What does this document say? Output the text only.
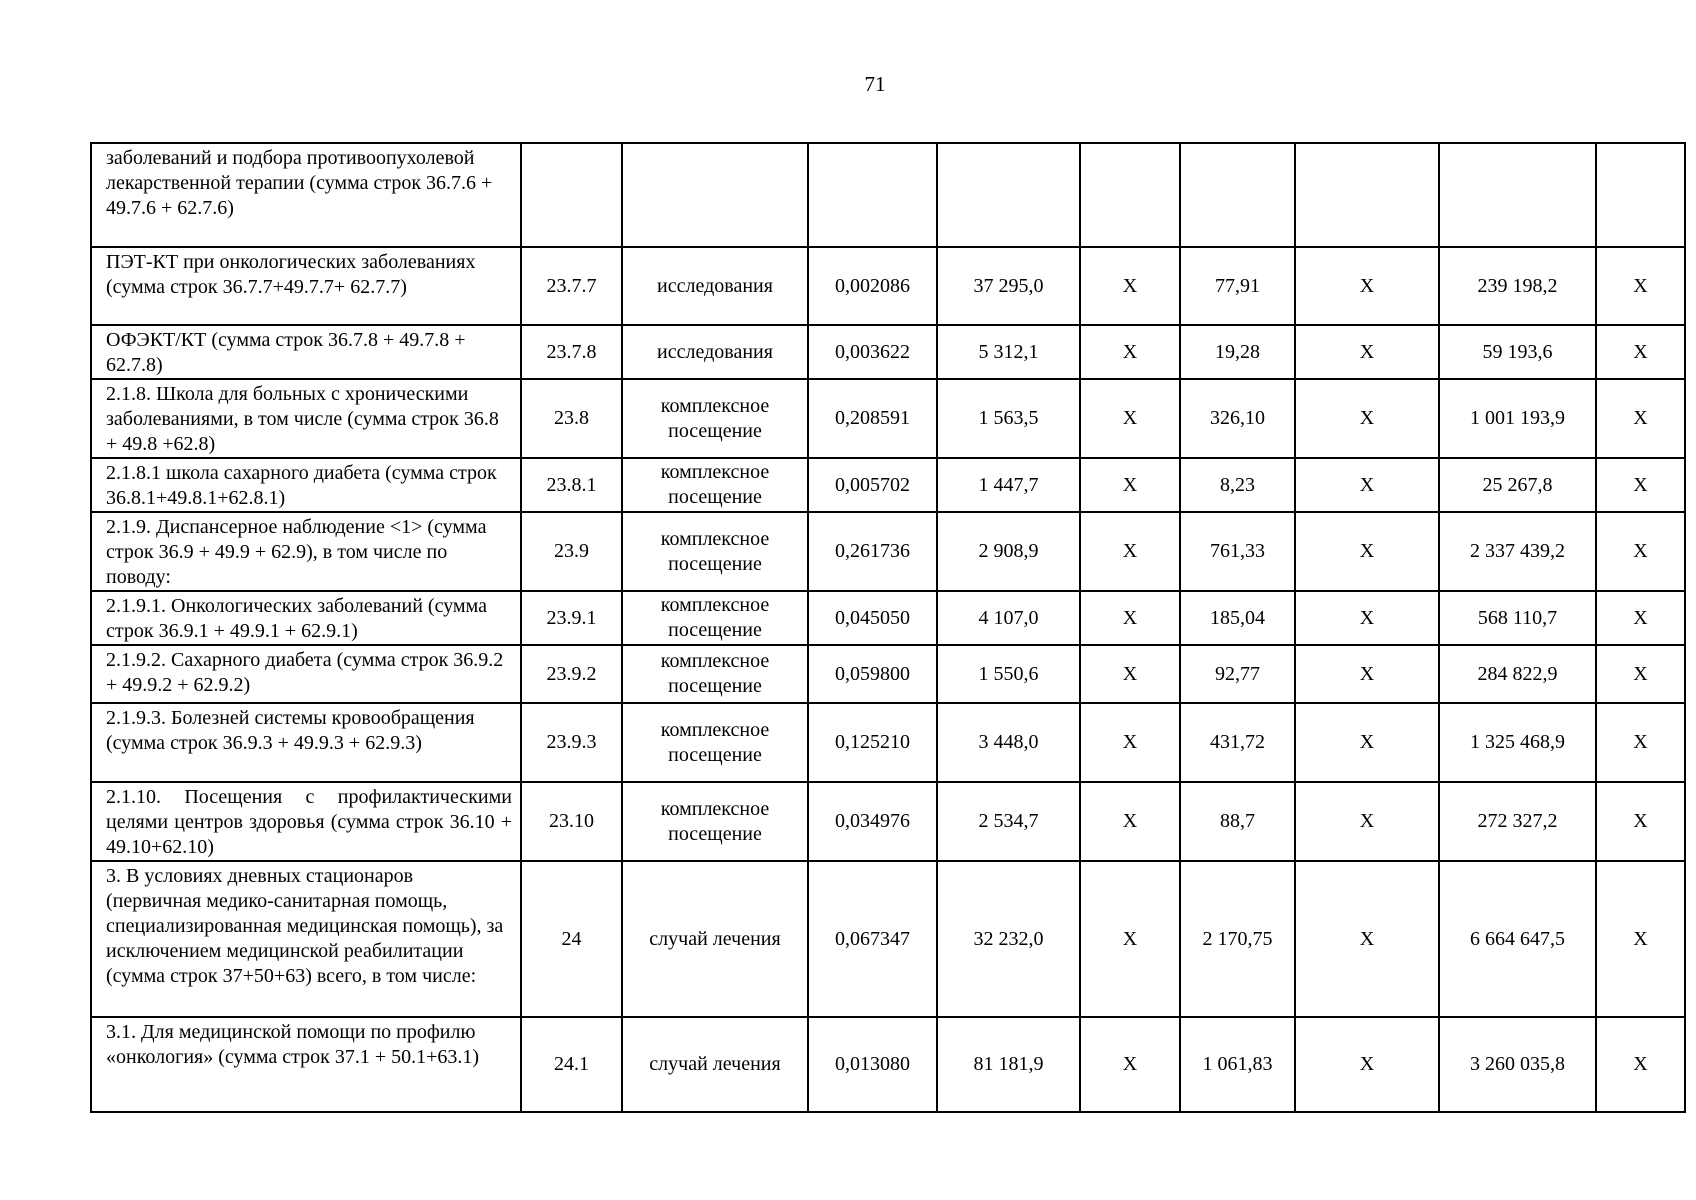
71
заболеваний и подбора противоопухолевой лекарственной терапии (сумма строк 36.7.6 + 49.7.6 + 62.7.6)									
ПЭТ-КТ при онкологических заболеваниях (сумма строк 36.7.7+49.7.7+ 62.7.7)	23.7.7	исследования	0,002086	37 295,0	X	77,91	X	239 198,2	X
ОФЭКТ/КТ (сумма строк 36.7.8 + 49.7.8 + 62.7.8)	23.7.8	исследования	0,003622	5 312,1	X	19,28	X	59 193,6	X
2.1.8. Школа для больных с хроническими заболеваниями, в том числе (сумма строк 36.8 + 49.8 +62.8)	23.8	комплексное посещение	0,208591	1 563,5	X	326,10	X	1 001 193,9	X
2.1.8.1 школа сахарного диабета (сумма строк 36.8.1+49.8.1+62.8.1)	23.8.1	комплексное посещение	0,005702	1 447,7	X	8,23	X	25 267,8	X
2.1.9. Диспансерное наблюдение <1> (сумма строк 36.9 + 49.9 + 62.9), в том числе по поводу:	23.9	комплексное посещение	0,261736	2 908,9	X	761,33	X	2 337 439,2	X
2.1.9.1. Онкологических заболеваний (сумма строк 36.9.1 + 49.9.1 + 62.9.1)	23.9.1	комплексное посещение	0,045050	4 107,0	X	185,04	X	568 110,7	X
2.1.9.2. Сахарного диабета (сумма строк 36.9.2 + 49.9.2 + 62.9.2)	23.9.2	комплексное посещение	0,059800	1 550,6	X	92,77	X	284 822,9	X
2.1.9.3. Болезней системы кровообращения (сумма строк 36.9.3 + 49.9.3 + 62.9.3)	23.9.3	комплексное посещение	0,125210	3 448,0	X	431,72	X	1 325 468,9	X
2.1.10. Посещения с профилактическими целями центров здоровья (сумма строк 36.10 + 49.10+62.10)	23.10	комплексное посещение	0,034976	2 534,7	X	88,7	X	272 327,2	X
3. В условиях дневных стационаров (первичная медико-санитарная помощь, специализированная медицинская помощь), за исключением медицинской реабилитации (сумма строк 37+50+63) всего, в том числе:	24	случай лечения	0,067347	32 232,0	X	2 170,75	X	6 664 647,5	X
3.1. Для медицинской помощи по профилю «онкология» (сумма строк 37.1 + 50.1+63.1)	24.1	случай лечения	0,013080	81 181,9	X	1 061,83	X	3 260 035,8	X
